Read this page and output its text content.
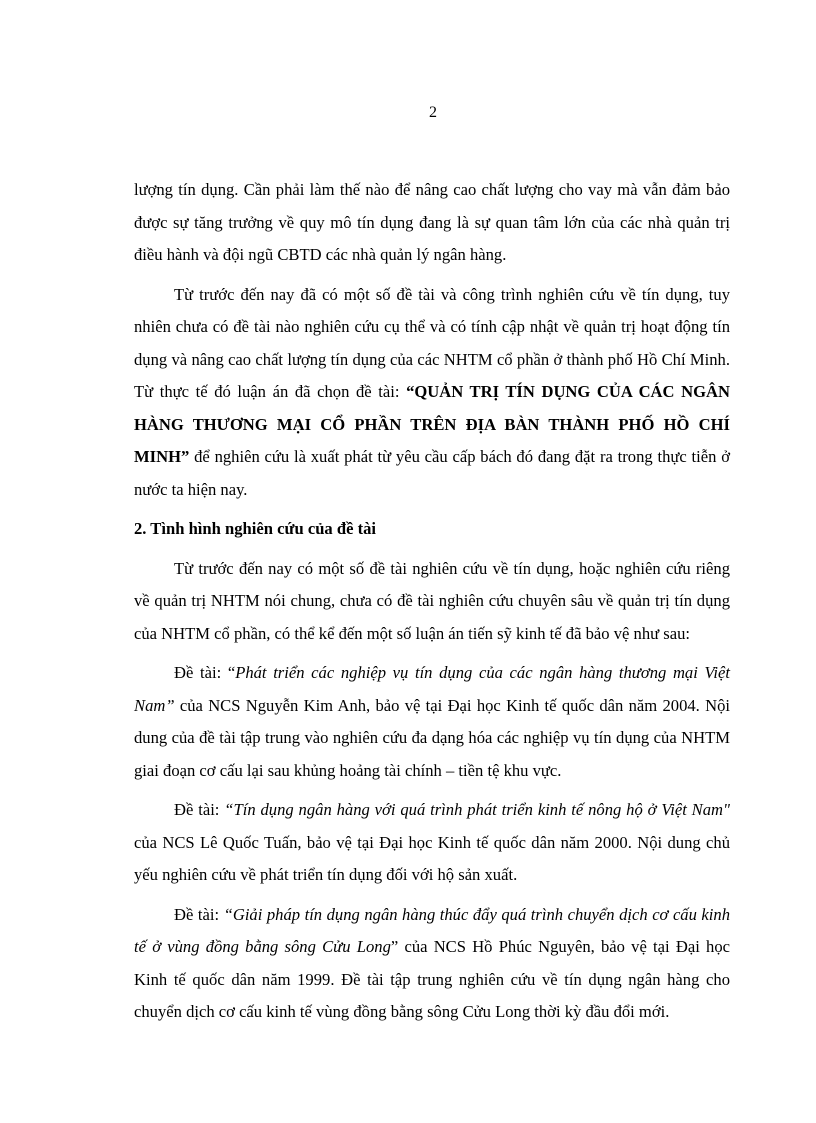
2

lượng tín dụng. Cần phải làm thế nào để nâng cao chất lượng cho vay mà vẫn đảm bảo được sự tăng trưởng về quy mô tín dụng đang là sự quan tâm lớn của các nhà quản trị điều hành và đội ngũ CBTD các nhà quản lý ngân hàng.

Từ trước đến nay đã có một số đề tài và công trình nghiên cứu về tín dụng, tuy nhiên chưa có đề tài nào nghiên cứu cụ thể và có tính cập nhật về quản trị hoạt động tín dụng và nâng cao chất lượng tín dụng của các NHTM cổ phần ở thành phố Hồ Chí Minh. Từ thực tế đó luận án đã chọn đề tài: “QUẢN TRỊ TÍN DỤNG CỦA CÁC NGÂN HÀNG THƯƠNG MẠI CỔ PHẦN TRÊN ĐỊA BÀN THÀNH PHỐ HỒ CHÍ MINH” để nghiên cứu là xuất phát từ yêu cầu cấp bách đó đang đặt ra trong thực tiễn ở nước ta hiện nay.

2. Tình hình nghiên cứu của đề tài

Từ trước đến nay có một số đề tài nghiên cứu về tín dụng, hoặc nghiên cứu riêng về quản trị NHTM nói chung, chưa có đề tài nghiên cứu chuyên sâu về quản trị tín dụng của NHTM cổ phần, có thể kể đến một số luận án tiến sỹ kinh tế đã bảo vệ như sau:

Đề tài: “Phát triển các nghiệp vụ tín dụng của các ngân hàng thương mại Việt Nam” của NCS Nguyễn Kim Anh, bảo vệ tại Đại học Kinh tế quốc dân năm 2004. Nội dung của đề tài tập trung vào nghiên cứu đa dạng hóa các nghiệp vụ tín dụng của NHTM giai đoạn cơ cấu lại sau khủng hoảng tài chính – tiền tệ khu vực.

Đề tài: “Tín dụng ngân hàng với quá trình phát triển kinh tế nông hộ ở Việt Nam" của NCS Lê Quốc Tuấn, bảo vệ tại Đại học Kinh tế quốc dân năm 2000. Nội dung chủ yếu nghiên cứu về phát triển tín dụng đối với hộ sản xuất.

Đề tài: “Giải pháp tín dụng ngân hàng thúc đẩy quá trình chuyển dịch cơ cấu kinh tế ở vùng đồng bằng sông Cửu Long” của NCS Hồ Phúc Nguyên, bảo vệ tại Đại học Kinh tế quốc dân năm 1999. Đề tài tập trung nghiên cứu về tín dụng ngân hàng cho chuyển dịch cơ cấu kinh tế vùng đồng bằng sông Cửu Long thời kỳ đầu đổi mới.
